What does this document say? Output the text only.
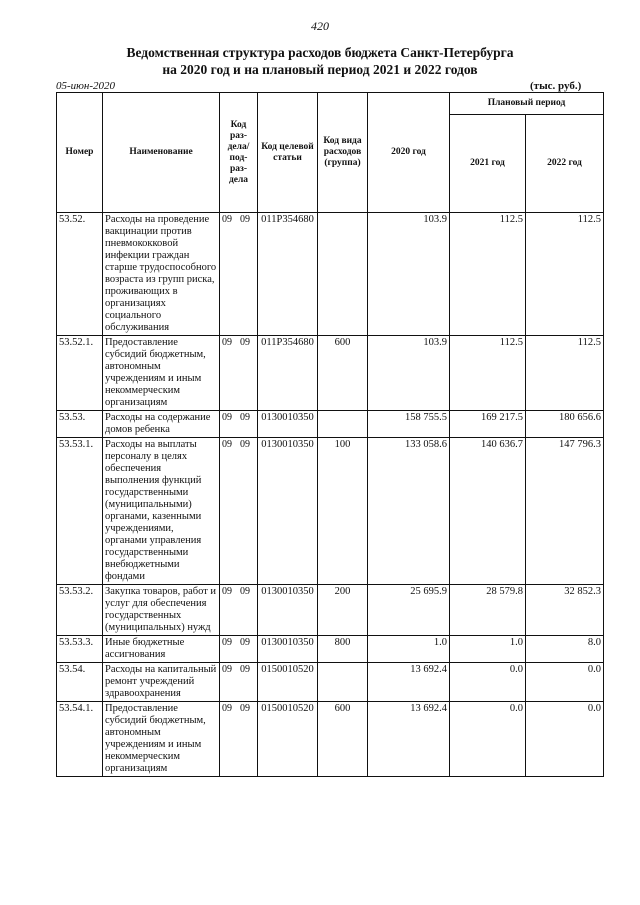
420
Ведомственная структура расходов бюджета Санкт-Петербурга
на 2020 год и на плановый период 2021 и 2022 годов
05-июн-2020	(тыс. руб.)
Номер	Наименование	Код раз-дела/ под-раз-дела	Код целевой статьи	Код вида расходов (группа)	2020 год	Плановый период	
						2021 год	2022 год
53.52.	Расходы на проведение вакцинации против пневмококковой инфекции граждан старше трудоспособного возраста из групп риска, проживающих в организациях социального обслуживания	09 09	011P354680		103.9	112.5	112.5
53.52.1.	Предоставление субсидий бюджетным, автономным учреждениям и иным некоммерческим организациям	09 09	011P354680	600	103.9	112.5	112.5
53.53.	Расходы на содержание домов ребенка	09 09	0130010350		158 755.5	169 217.5	180 656.6
53.53.1.	Расходы на выплаты персоналу в целях обеспечения выполнения функций государственными (муниципальными) органами, казенными учреждениями, органами управления государственными внебюджетными фондами	09 09	0130010350	100	133 058.6	140 636.7	147 796.3
53.53.2.	Закупка товаров, работ и услуг для обеспечения государственных (муниципальных) нужд	09 09	0130010350	200	25 695.9	28 579.8	32 852.3
53.53.3.	Иные бюджетные ассигнования	09 09	0130010350	800	1.0	1.0	8.0
53.54.	Расходы на капитальный ремонт учреждений здравоохранения	09 09	0150010520		13 692.4	0.0	0.0
53.54.1.	Предоставление субсидий бюджетным, автономным учреждениям и иным некоммерческим организациям	09 09	0150010520	600	13 692.4	0.0	0.0
